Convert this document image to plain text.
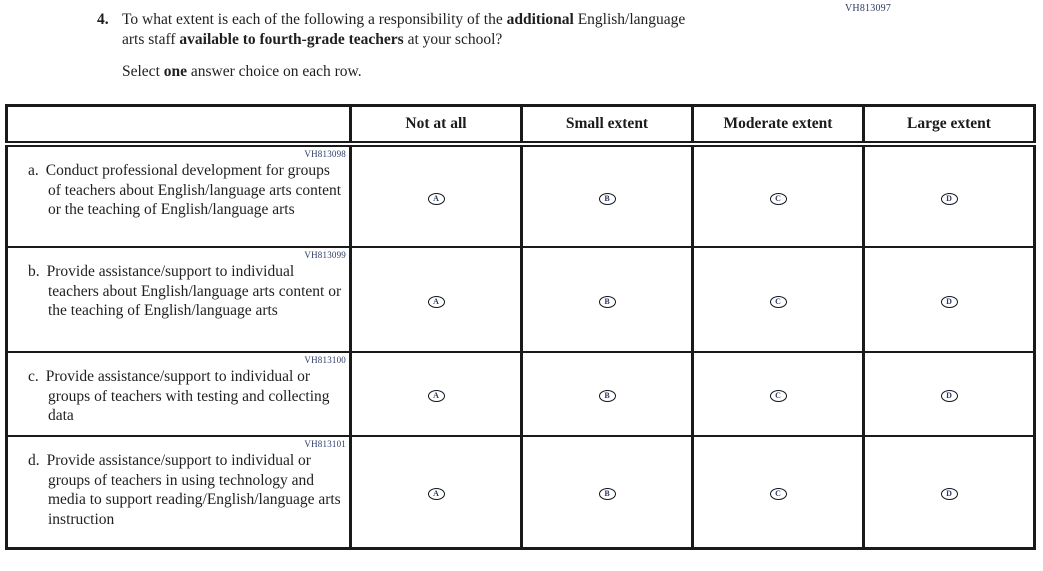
VH813097
4. To what extent is each of the following a responsibility of the additional English/language arts staff available to fourth-grade teachers at your school?
Select one answer choice on each row.
	Not at all	Small extent	Moderate extent	Large extent

VH813098
a. Conduct professional development for groups of teachers about English/language arts content or the teaching of English/language arts	A	B	C	D

VH813099
b. Provide assistance/support to individual teachers about English/language arts content or the teaching of English/language arts	A	B	C	D

VH813100
c. Provide assistance/support to individual or groups of teachers with testing and collecting data	A	B	C	D

VH813101
d. Provide assistance/support to individual or groups of teachers in using technology and media to support reading/English/language arts instruction	A	B	C	D
